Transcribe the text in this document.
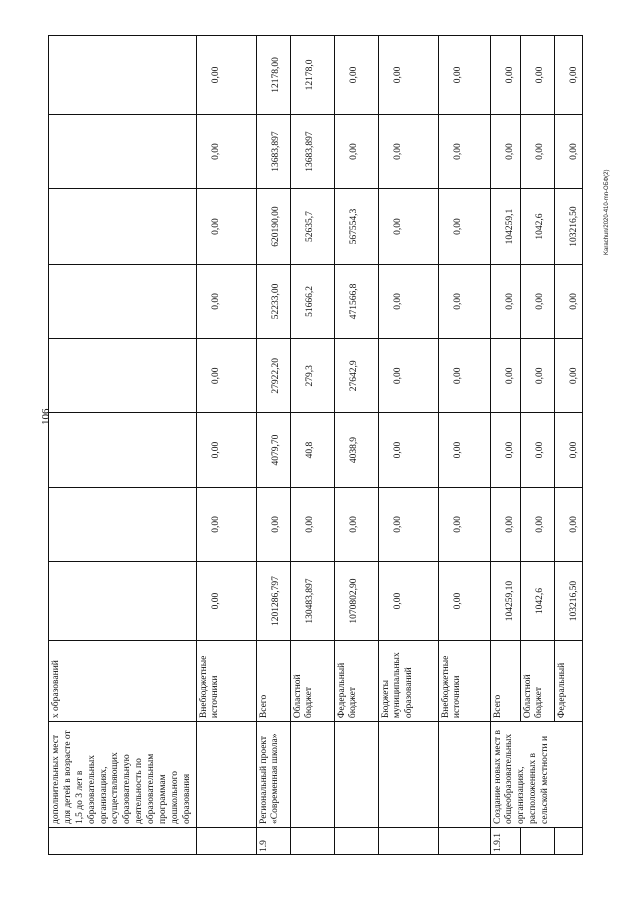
106
Karachun/2020-410-mn-ОБФ(2)
	дополнительных мест для детей в возрасте от 1,5 до 3 лет в образовательных организациях, осуществляющих образовательную деятельность по образовательным программам дошкольного образования	х образований								
		Внебюджетные источники	0,00	0,00	0,00	0,00	0,00	0,00	0,00	0,00
1.9	Региональный проект «Современная школа»	Всего	1201286,797	0,00	4079,70	27922,20	52233,00	620190,00	13683,897	12178,00
		Областной бюджет	130483,897	0,00	40,8	279,3	51666,2	52635,7	13683,897	12178,0
		Федеральный бюджет	1070802,90	0,00	4038,9	27642,9	471566,8	567554,3	0,00	0,00
		Бюджеты муниципальных образований	0,00	0,00	0,00	0,00	0,00	0,00	0,00	0,00
		Внебюджетные источники	0,00	0,00	0,00	0,00	0,00	0,00	0,00	0,00
1.9.1	Создание новых мест в общеобразовательных организациях, расположенных в сельской местности и	Всего	104259,10	0,00	0,00	0,00	0,00	104259,1	0,00	0,00
		Областной бюджет	1042,6	0,00	0,00	0,00	0,00	1042,6	0,00	0,00
		Федеральный	103216,50	0,00	0,00	0,00	0,00	103216,50	0,00	0,00
